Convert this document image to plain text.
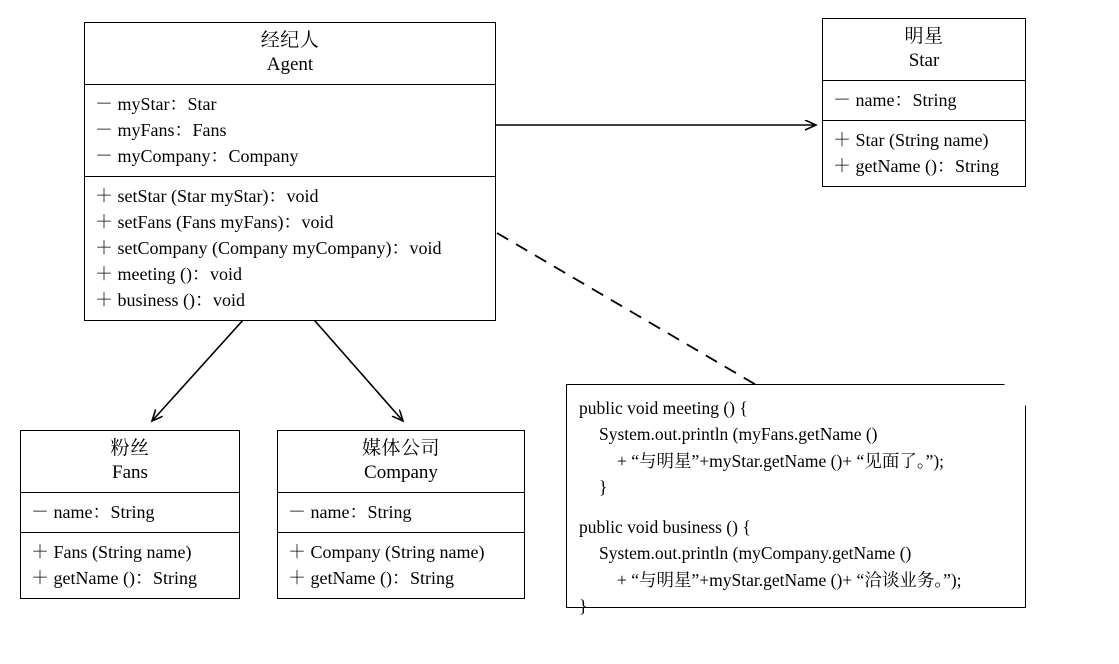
经纪人
Agent
－ myStar：Star
－ myFans：Fans
－ myCompany：Company
＋ setStar (Star myStar)：void
＋ setFans (Fans myFans)：void
＋ setCompany (Company myCompany)：void
＋ meeting ()：void
＋ business ()：void
明星
Star
－ name：String
＋ Star (String name)
＋ getName ()：String
粉丝
Fans
－ name：String
＋ Fans (String name)
＋ getName ()：String
媒体公司
Company
－ name：String
＋ Company (String name)
＋ getName ()：String
public void meeting () {
System.out.println (myFans.getName ()
+ “与明星”+myStar.getName ()+ “见面了。”);
}
public void business () {
System.out.println (myCompany.getName ()
+ “与明星”+myStar.getName ()+ “洽谈业务。”);
}
